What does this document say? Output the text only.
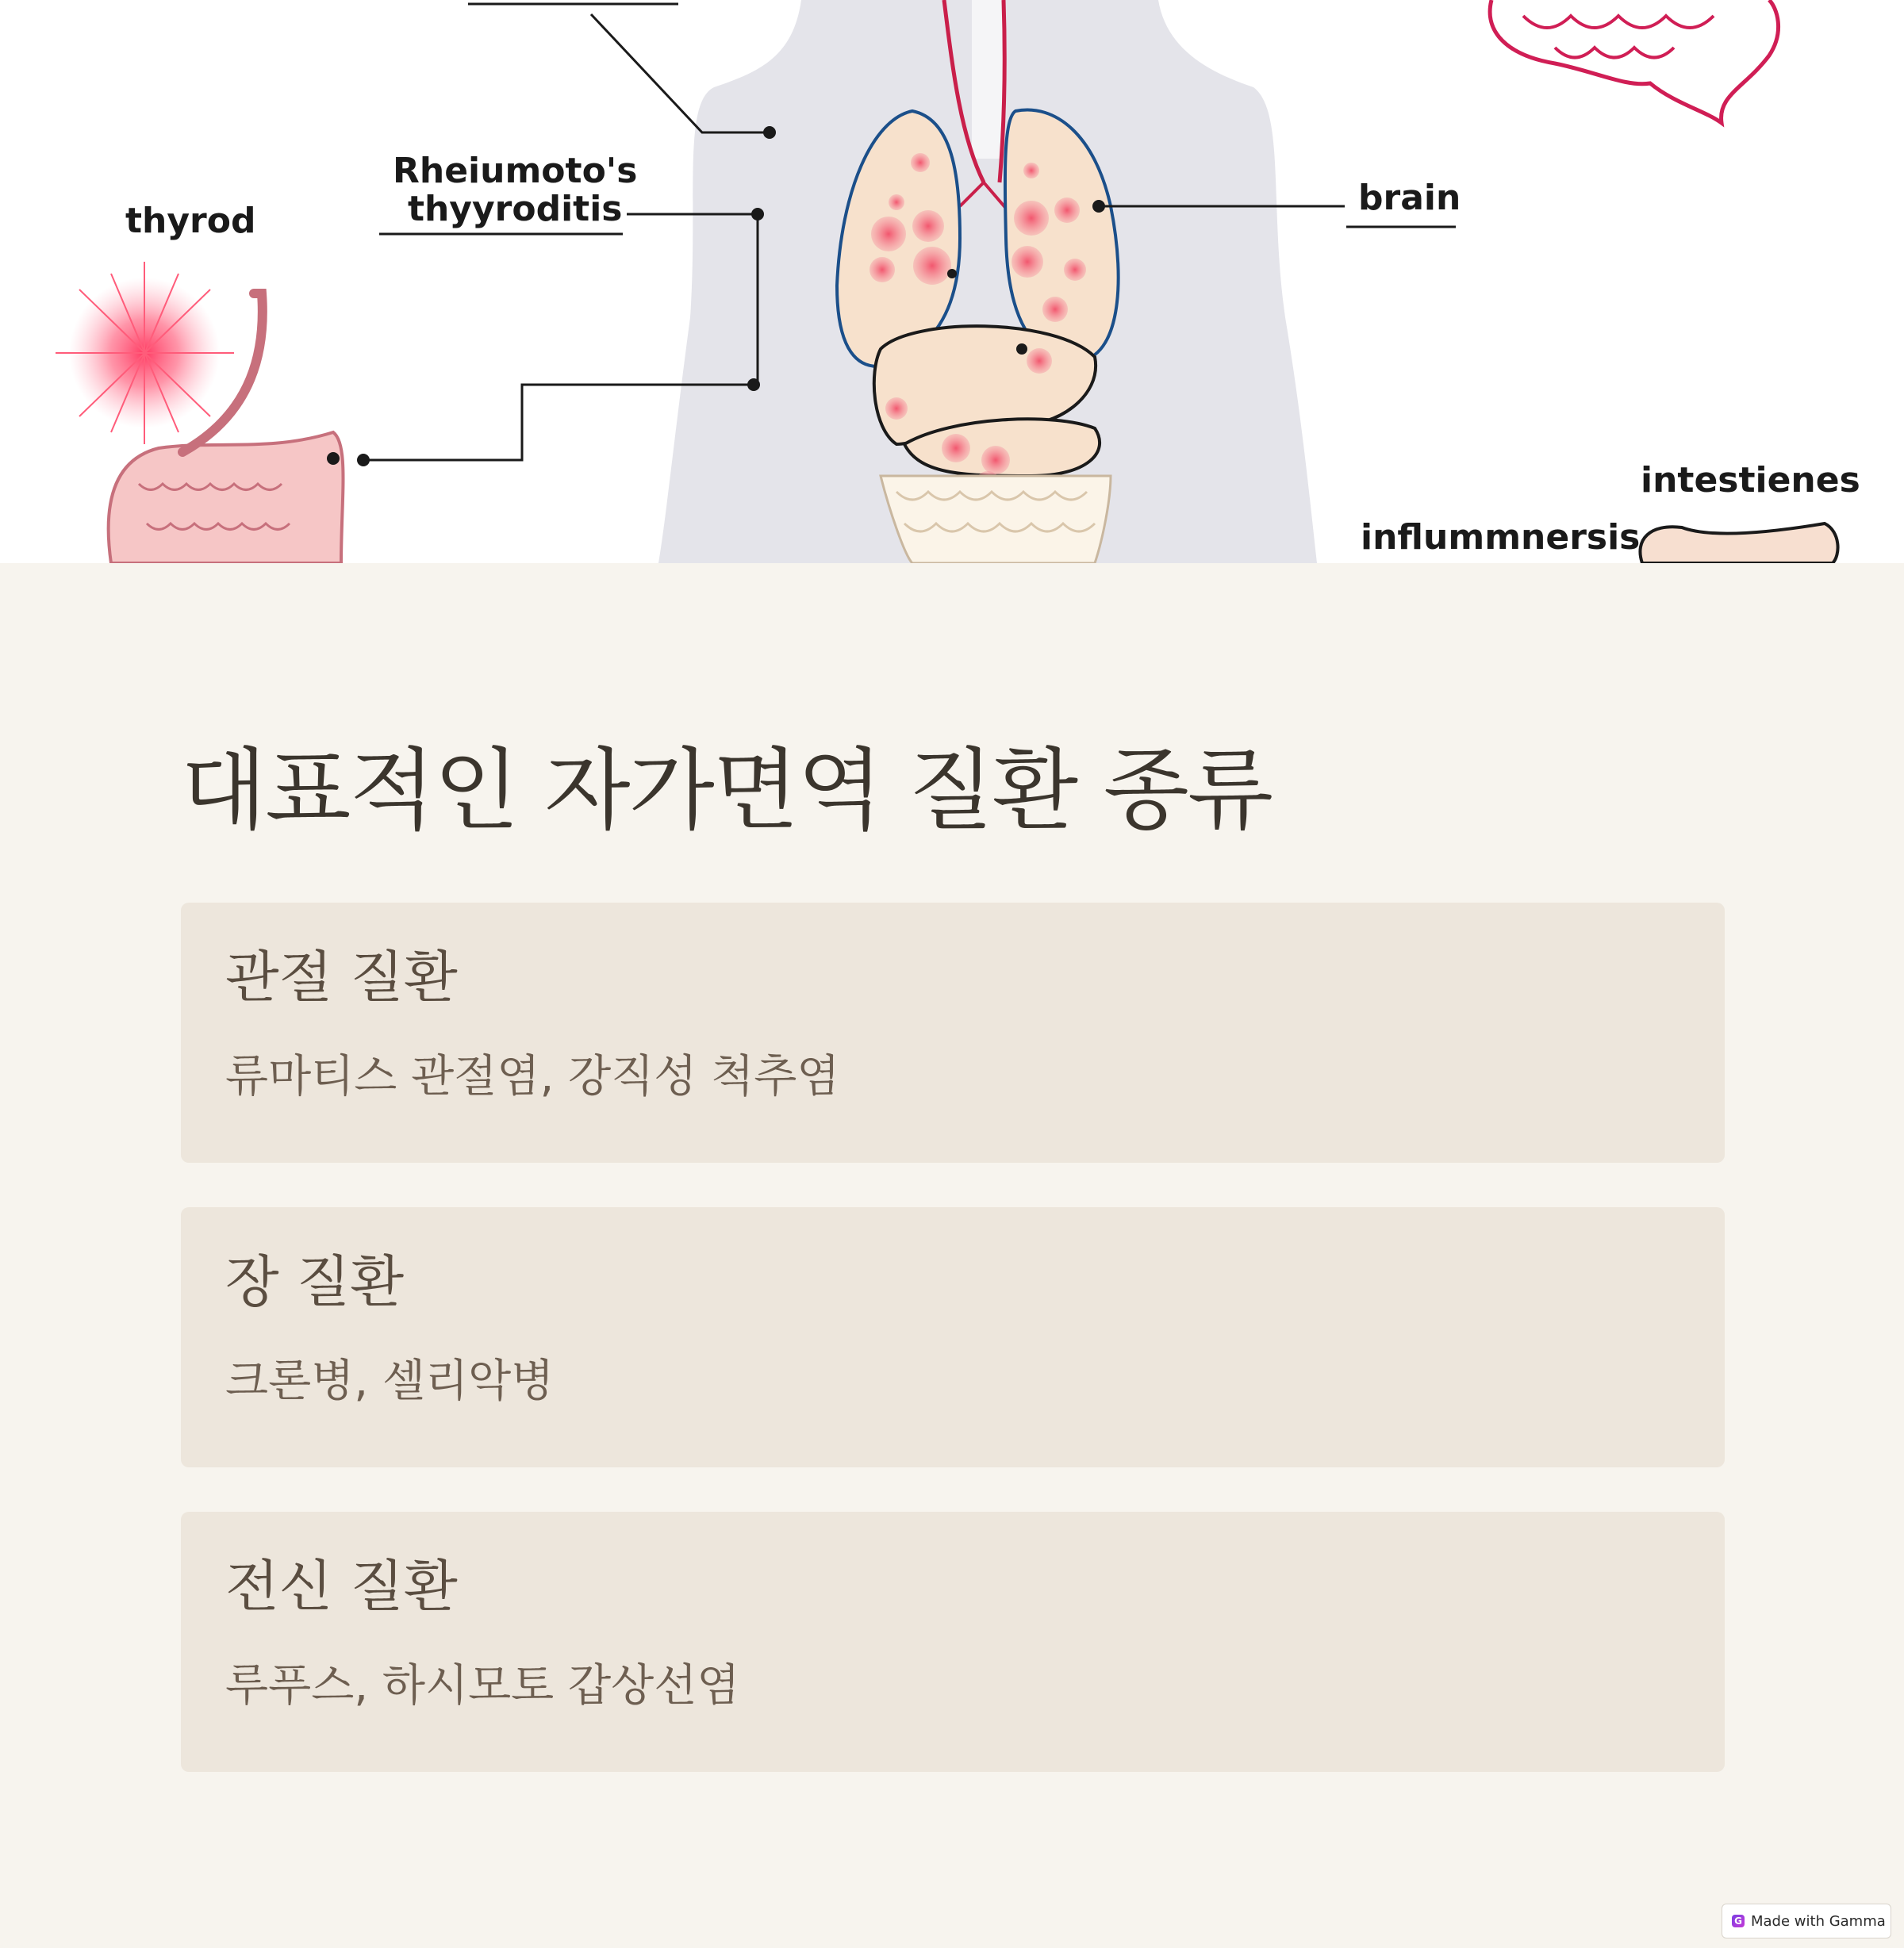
Rheiumoto's
thyyroditis
thyrod
brain
intestienes
inflummnersis
대표적인 자가면역 질환 종류
관절 질환

류마티스 관절염, 강직성 척추염

장 질환

크론병, 셀리악병

전신 질환

루푸스, 하시모토 갑상선염

G Made with Gamma
